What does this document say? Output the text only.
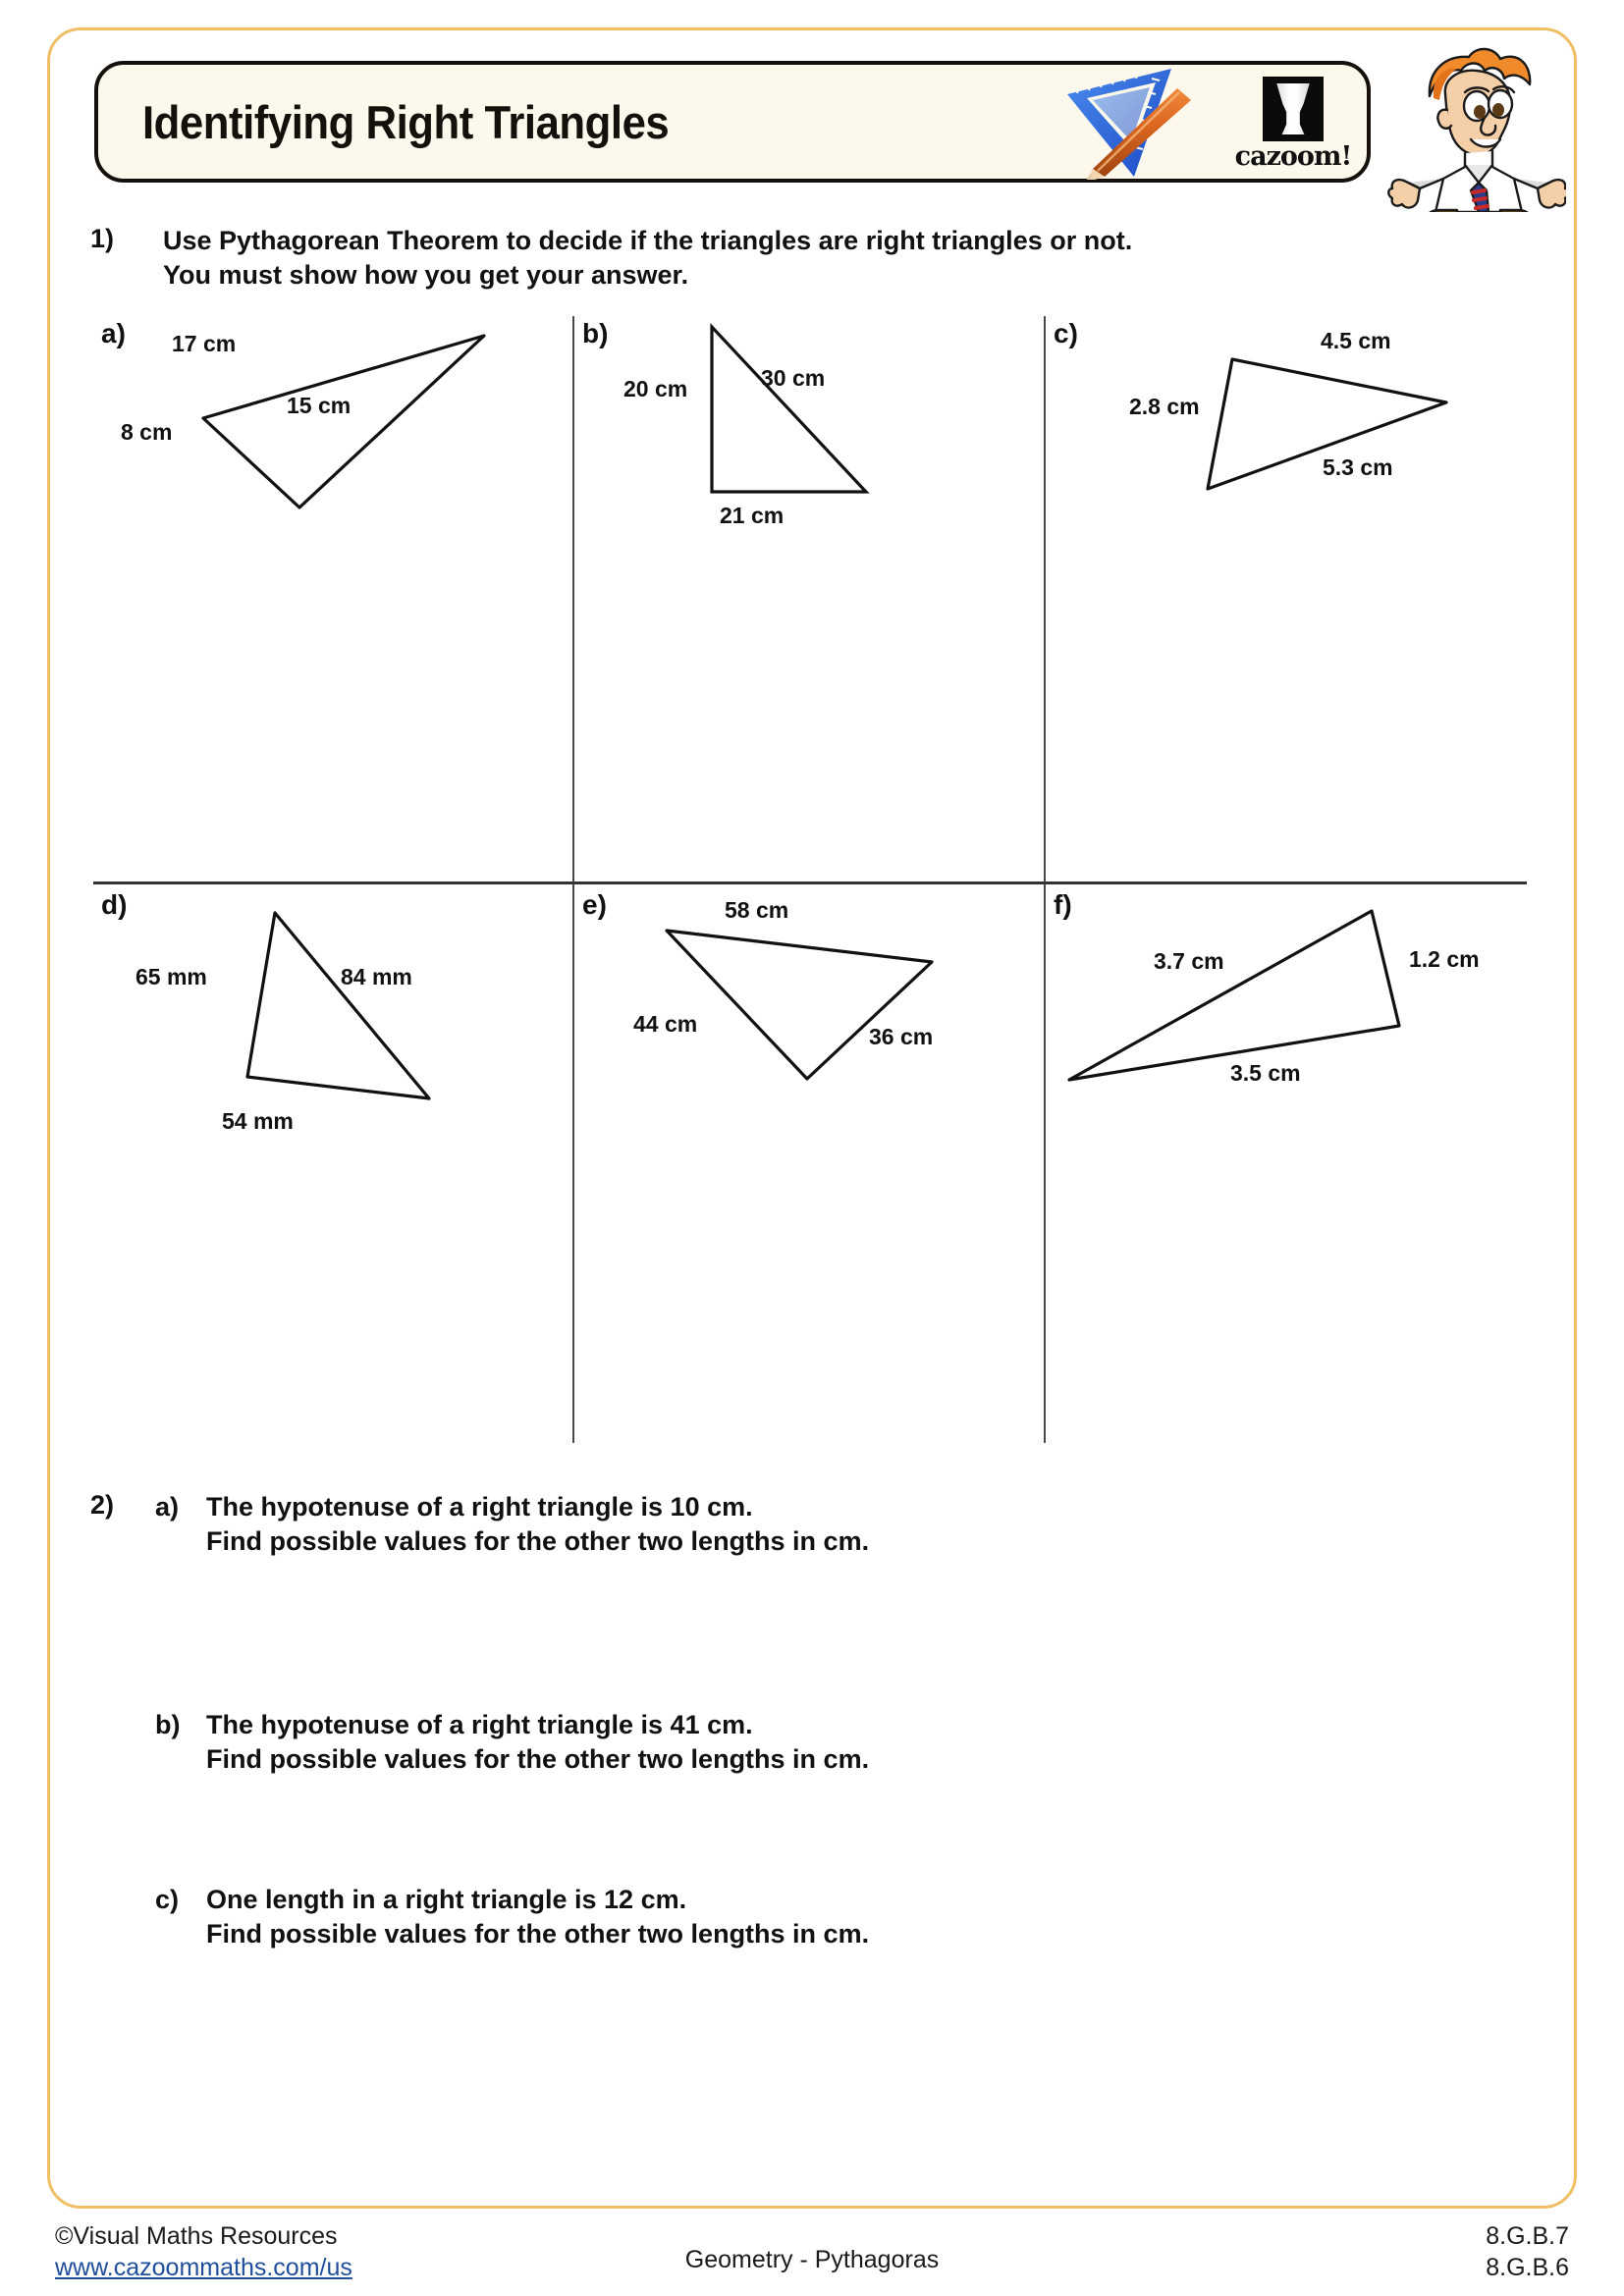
Identifying Right Triangles
cazoom!
1) Use Pythagorean Theorem to decide if the triangles are right triangles or not.
You must show how you get your answer.
a) 17 cm
15 cm
8 cm
b)
20 cm	30 cm
21 cm
c)	4.5 cm
2.8 cm
5.3 cm
d)
65 mm	84 mm
54 mm
e)	58 cm
44 cm	36 cm
f)
3.7 cm	1.2 cm
3.5 cm
2) a) The hypotenuse of a right triangle is 10 cm.
Find possible values for the other two lengths in cm.
b) The hypotenuse of a right triangle is 41 cm.
Find possible values for the other two lengths in cm.
c) One length in a right triangle is 12 cm.
Find possible values for the other two lengths in cm.
©Visual Maths Resources
www.cazoommaths.com/us	Geometry - Pythagoras
8.G.B.7
8.G.B.6
